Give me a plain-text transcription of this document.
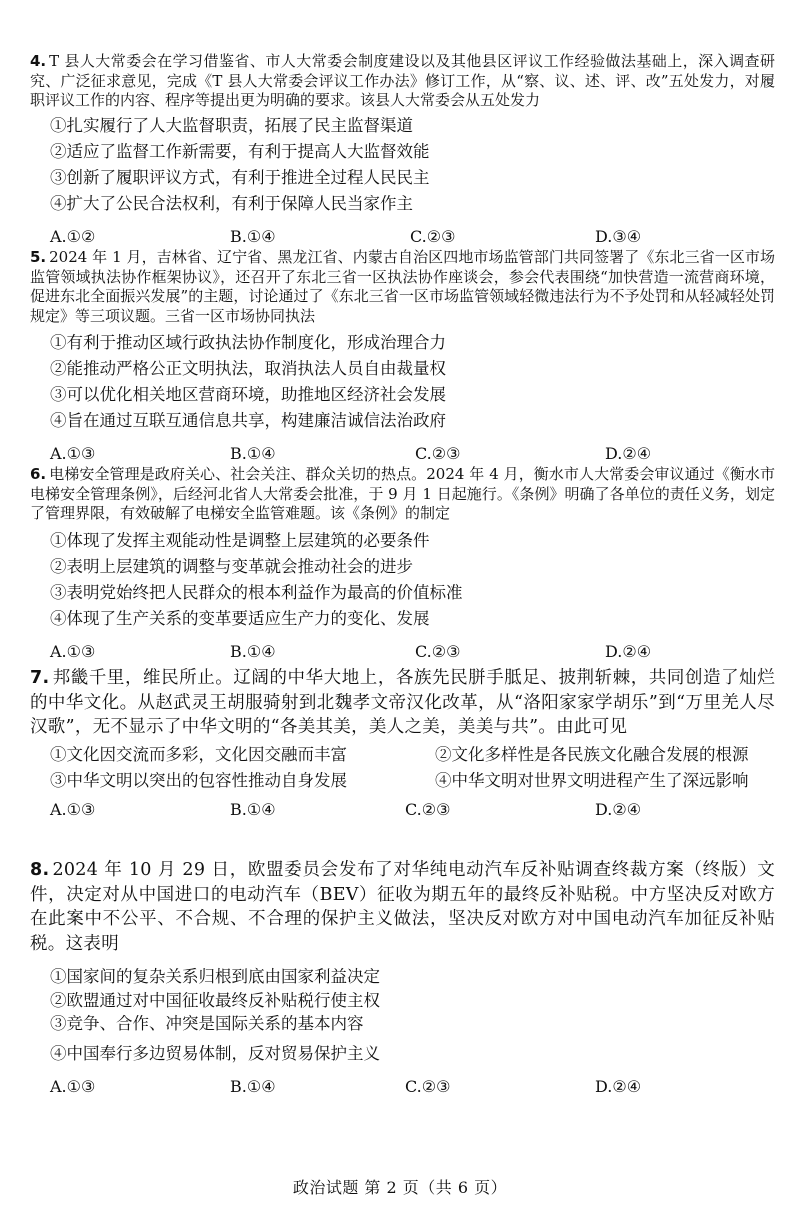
4. T 县人大常委会在学习借鉴省、市人大常委会制度建设以及其他县区评议工作经验做法基础上，深入调查研究、广泛征求意见，完成《T 县人大常委会评议工作办法》修订工作，从“察、议、述、评、改”五处发力，对履职评议工作的内容、程序等提出更为明确的要求。该县人大常委会从五处发力

①扎实履行了人大监督职责，拓展了民主监督渠道

②适应了监督工作新需要，有利于提高人大监督效能

③创新了履职评议方式，有利于推进全过程人民民主

④扩大了公民合法权利，有利于保障人民当家作主

A.①②	B.①④	C.②③	D.③④

5. 2024 年 1 月，吉林省、辽宁省、黑龙江省、内蒙古自治区四地市场监管部门共同签署了《东北三省一区市场监管领域执法协作框架协议》，还召开了东北三省一区执法协作座谈会，参会代表围绕“加快营造一流营商环境，促进东北全面振兴发展”的主题，讨论通过了《东北三省一区市场监管领域轻微违法行为不予处罚和从轻减轻处罚规定》等三项议题。三省一区市场协同执法

①有利于推动区域行政执法协作制度化，形成治理合力

②能推动严格公正文明执法，取消执法人员自由裁量权

③可以优化相关地区营商环境，助推地区经济社会发展

④旨在通过互联互通信息共享，构建廉洁诚信法治政府

A.①③	B.①④	C.②③	D.②④

6. 电梯安全管理是政府关心、社会关注、群众关切的热点。2024 年 4 月，衡水市人大常委会审议通过《衡水市电梯安全管理条例》，后经河北省人大常委会批准，于 9 月 1 日起施行。《条例》明确了各单位的责任义务，划定了管理界限，有效破解了电梯安全监管难题。该《条例》的制定

①体现了发挥主观能动性是调整上层建筑的必要条件

②表明上层建筑的调整与变革就会推动社会的进步

③表明党始终把人民群众的根本利益作为最高的价值标准

④体现了生产关系的变革要适应生产力的变化、发展

A.①③	B.①④	C.②③	D.②④

7. 邦畿千里，维民所止。辽阔的中华大地上，各族先民胼手胝足、披荆斩棘，共同创造了灿烂的中华文化。从赵武灵王胡服骑射到北魏孝文帝汉化改革，从“洛阳家家学胡乐”到“万里羌人尽汉歌”，无不显示了中华文明的“各美其美，美人之美，美美与共”。由此可见

①文化因交流而多彩，文化因交融而丰富	②文化多样性是各民族文化融合发展的根源
③中华文明以突出的包容性推动自身发展	④中华文明对世界文明进程产生了深远影响
A.①③	B.①④	C.②③	D.②④

8. 2024 年 10 月 29 日，欧盟委员会发布了对华纯电动汽车反补贴调查终裁方案（终版）文件，决定对从中国进口的电动汽车（BEV）征收为期五年的最终反补贴税。中方坚决反对欧方在此案中不公平、不合规、不合理的保护主义做法，坚决反对欧方对中国电动汽车加征反补贴税。这表明

①国家间的复杂关系归根到底由国家利益决定

②欧盟通过对中国征收最终反补贴税行使主权

③竞争、合作、冲突是国际关系的基本内容

④中国奉行多边贸易体制，反对贸易保护主义

A.①③	B.①④	C.②③	D.②④
政治试题 第 2 页（共 6 页）
